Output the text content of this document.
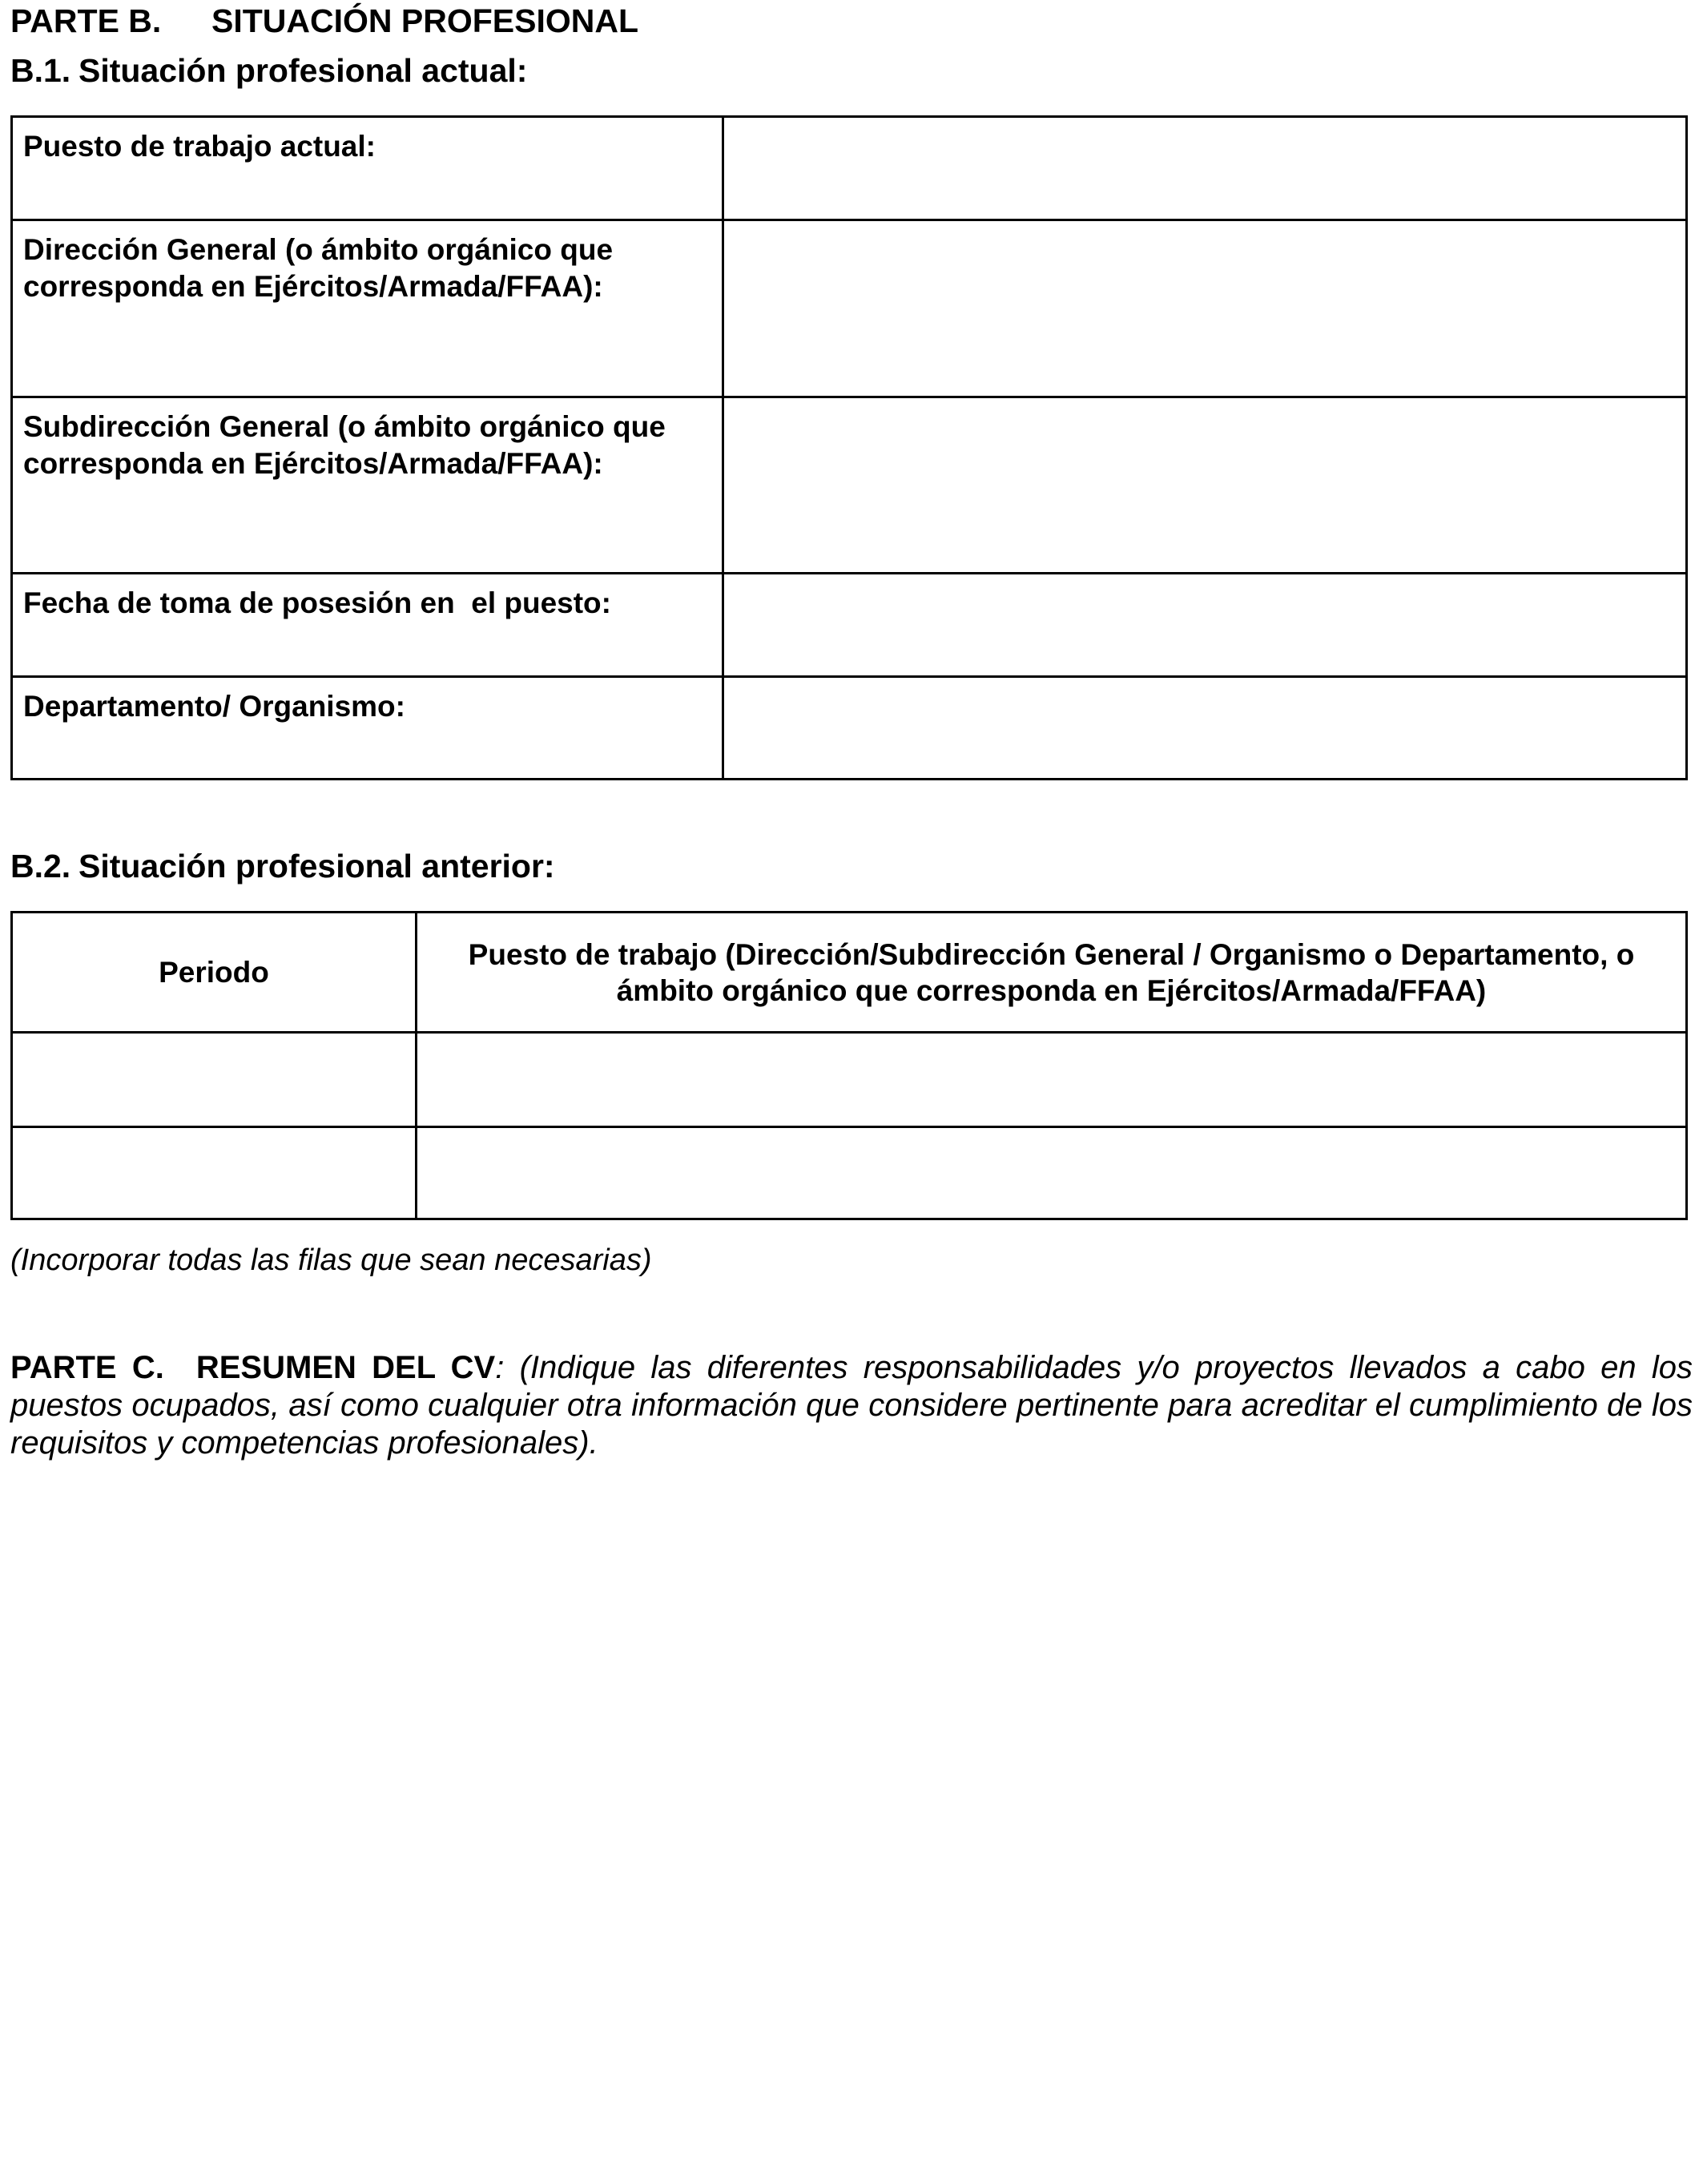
PARTE B. SITUACIÓN PROFESIONAL
B.1. Situación profesional actual:
Puesto de trabajo actual:	
Dirección General (o ámbito orgánico que corresponda en Ejércitos/Armada/FFAA):	
Subdirección General (o ámbito orgánico que corresponda en Ejércitos/Armada/FFAA):	
Fecha de toma de posesión en  el puesto:	
Departamento/ Organismo:	
B.2. Situación profesional anterior:
Periodo	Puesto de trabajo (Dirección/Subdirección General / Organismo o Departamento, o ámbito orgánico que corresponda en Ejércitos/Armada/FFAA)

(Incorporar todas las filas que sean necesarias)

PARTE C. RESUMEN DEL CV: (Indique las diferentes responsabilidades y/o proyectos llevados a cabo en los puestos ocupados, así como cualquier otra información que considere pertinente para acreditar el cumplimiento de los requisitos y competencias profesionales).
